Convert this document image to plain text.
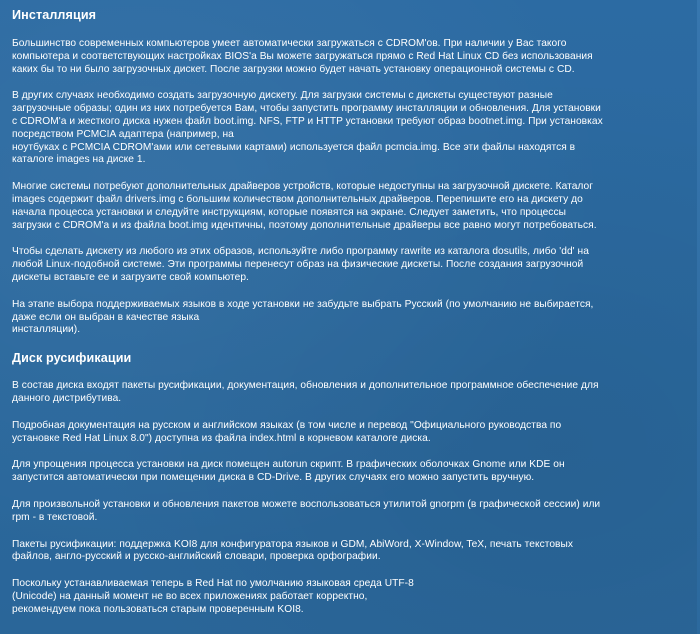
Инсталляция

Большинство современных компьютеров умеет автоматически загружаться с CDROM'ов. При наличии у Вас такого
компьютера и соответствующих настройках BIOS'а Вы можете загружаться прямо с Red Hat Linux CD без использования
каких бы то ни было загрузочных дискет. После загрузки можно будет начать установку операционной системы с CD.

В других случаях необходимо создать загрузочную дискету. Для загрузки системы с дискеты существуют разные
загрузочные образы; один из них потребуется Вам, чтобы запустить программу инсталляции и обновления. Для установки
с CDROM'а и жесткого диска нужен файл boot.img. NFS, FTP и HTTP установки требуют образ bootnet.img. При установках
посредством PCMCIA адаптера (например, на
ноутбуках с PCMCIA CDROM'ами или сетевыми картами) используется файл pcmcia.img. Все эти файлы находятся в
каталоге images на диске 1.

Многие системы потребуют дополнительных драйверов устройств, которые недоступны на загрузочной дискете. Каталог
images содержит файл drivers.img с большим количеством дополнительных драйверов. Перепишите его на дискету до
начала процесса установки и следуйте инструкциям, которые появятся на экране. Следует заметить, что процессы
загрузки с CDROM'а и из файла boot.img идентичны, поэтому дополнительные драйверы все равно могут потребоваться.

Чтобы сделать дискету из любого из этих образов, используйте либо программу rawrite из каталога dosutils, либо 'dd' на
любой Linux-подобной системе. Эти программы перенесут образ на физические дискеты. После создания загрузочной
дискеты вставьте ее и загрузите свой компьютер.

На этапе выбора поддерживаемых языков в ходе установки не забудьте выбрать Русский (по умолчанию не выбирается,
даже если он выбран в качестве языка
инсталляции).

Диск русификации

В состав диска входят пакеты русификации, документация, обновления и дополнительное программное обеспечение для
данного дистрибутива.

Подробная документация на русском и английском языках (в том числе и перевод "Официального руководства по
установке Red Hat Linux 8.0") доступна из файла index.html в корневом каталоге диска.

Для упрощения процесса установки на диск помещен autorun скрипт. В графических оболочках Gnome или KDE он
запустится автоматически при помещении диска в CD-Drive. В других случаях его можно запустить вручную.

Для произвольной установки и обновления пакетов можете воспользоваться утилитой gnorpm (в графической сессии) или
rpm - в текстовой.

Пакеты русификации: поддержка KOI8 для конфигуратора языков и GDM, AbiWord, X-Window, TeX, печать текстовых
файлов, англо-русский и русско-английский словари, проверка орфографии.

Поскольку устанавливаемая теперь в Red Hat по умолчанию языковая среда UTF-8
(Unicode) на данный момент не во всех приложениях работает корректно,
рекомендуем пока пользоваться старым проверенным KOI8.
